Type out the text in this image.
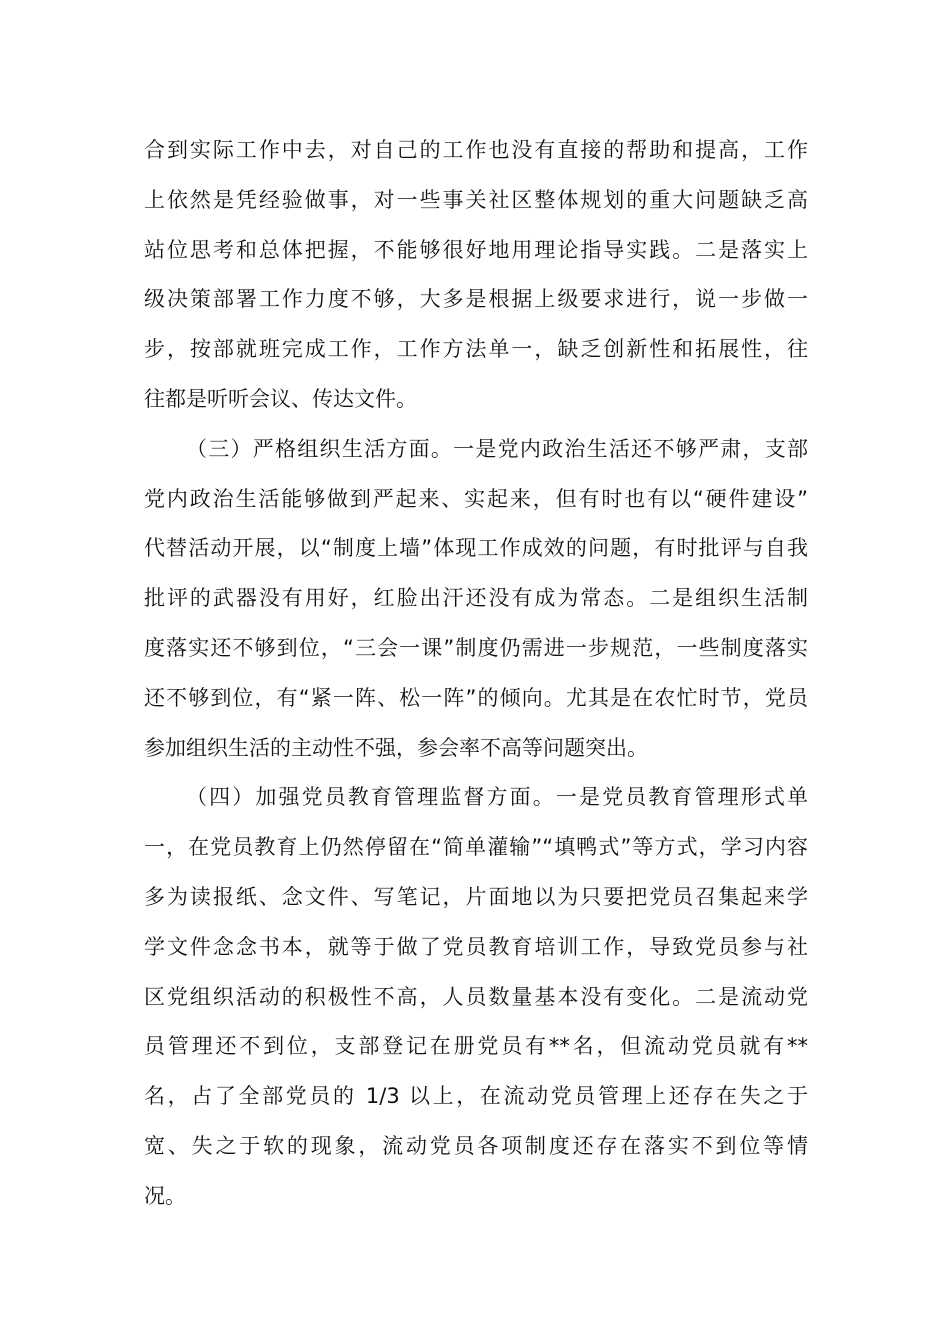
合到实际工作中去，对自己的工作也没有直接的帮助和提高，工作
上依然是凭经验做事，对一些事关社区整体规划的重大问题缺乏高
站位思考和总体把握，不能够很好地用理论指导实践。二是落实上
级决策部署工作力度不够，大多是根据上级要求进行，说一步做一
步，按部就班完成工作，工作方法单一，缺乏创新性和拓展性，往
往都是听听会议、传达文件。
（三）严格组织生活方面。一是党内政治生活还不够严肃，支部
党内政治生活能够做到严起来、实起来，但有时也有以“硬件建设”
代替活动开展，以“制度上墙”体现工作成效的问题，有时批评与自我
批评的武器没有用好，红脸出汗还没有成为常态。二是组织生活制
度落实还不够到位，“三会一课”制度仍需进一步规范，一些制度落实
还不够到位，有“紧一阵、松一阵”的倾向。尤其是在农忙时节，党员
参加组织生活的主动性不强，参会率不高等问题突出。
（四）加强党员教育管理监督方面。一是党员教育管理形式单
一，在党员教育上仍然停留在“简单灌输”“填鸭式”等方式，学习内容
多为读报纸、念文件、写笔记，片面地以为只要把党员召集起来学
学文件念念书本，就等于做了党员教育培训工作，导致党员参与社
区党组织活动的积极性不高，人员数量基本没有变化。二是流动党
员管理还不到位，支部登记在册党员有**名，但流动党员就有**
名，占了全部党员的 1/3 以上，在流动党员管理上还存在失之于
宽、失之于软的现象，流动党员各项制度还存在落实不到位等情
况。
